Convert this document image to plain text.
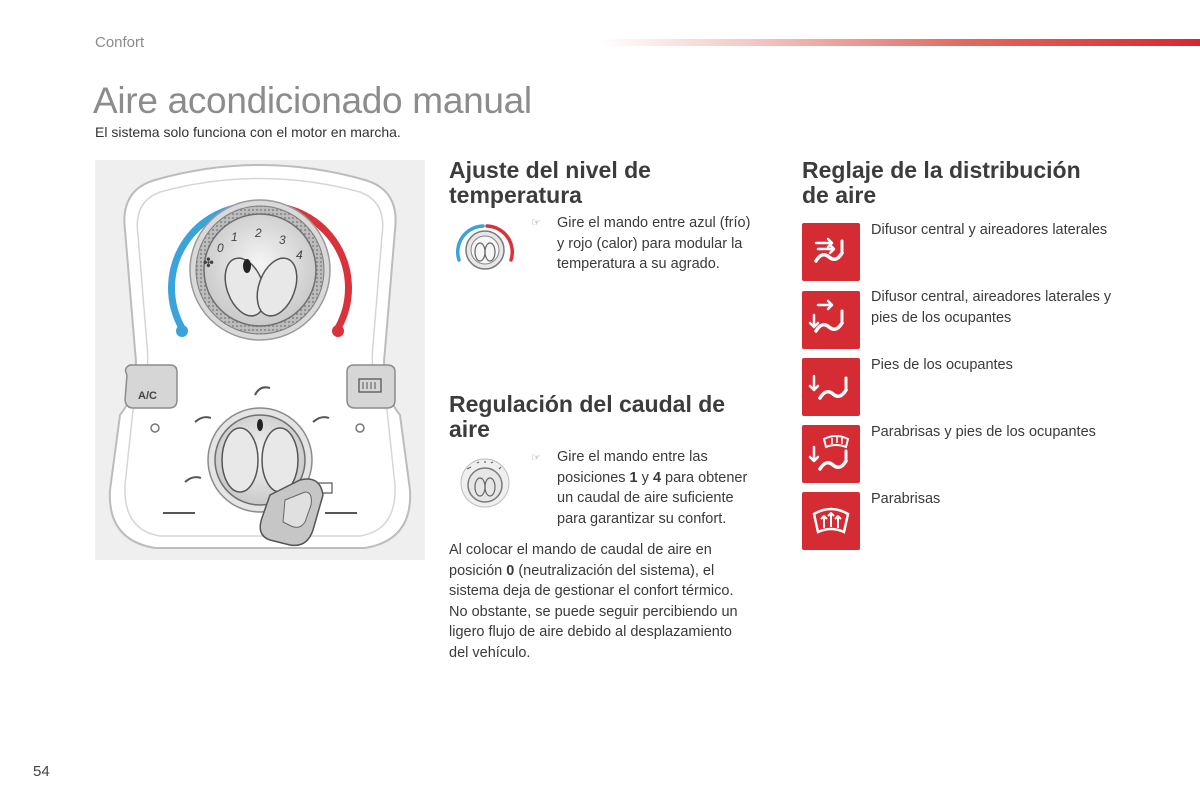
Confort
Aire acondicionado manual
El sistema solo funciona con el motor en marcha.
0
1 2 3
4
✤
A/C
Ajuste del nivel de
temperatura
☞ Gire el mando entre azul (frío)
y rojo (calor) para modular la
temperatura a su agrado.
Regulación del caudal de
aire
☞ Gire el mando entre las
posiciones 1 y 4 para obtener
un caudal de aire suficiente
para garantizar su confort.
Al colocar el mando de caudal de aire en
posición 0 (neutralización del sistema), el
sistema deja de gestionar el confort térmico.
No obstante, se puede seguir percibiendo un
ligero flujo de aire debido al desplazamiento
del vehículo.
Reglaje de la distribución
de aire
Difusor central y aireadores laterales
Difusor central, aireadores laterales y
pies de los ocupantes
Pies de los ocupantes
Parabrisas y pies de los ocupantes
Parabrisas
54
